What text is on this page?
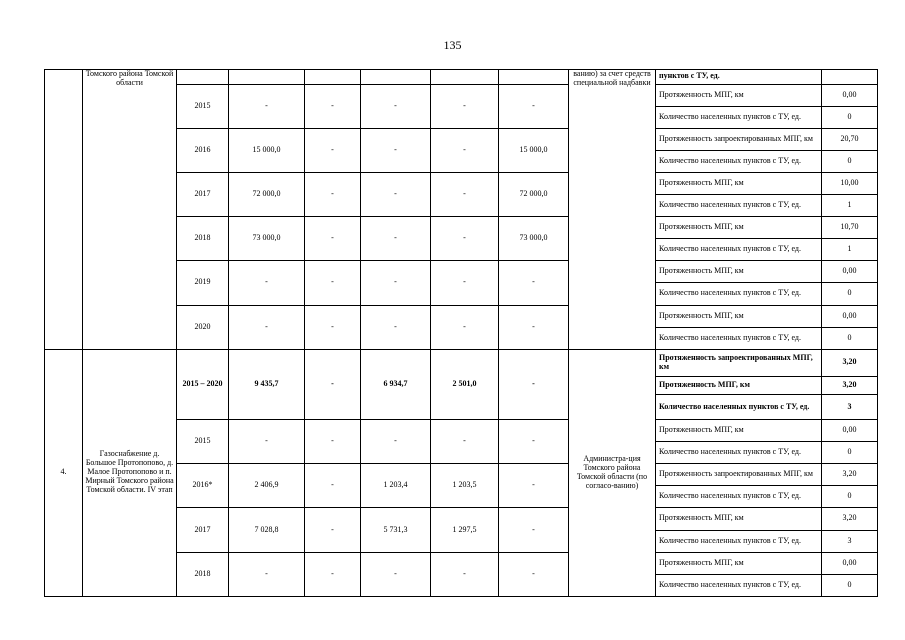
135
	Томского района Томской области							ванию) за счет средств специальной надбавки	пунктов с ТУ, ед.	
		2015	-	-	-	-	-		Протяженность МПГ, км	0,00
									Количество населенных пунктов с ТУ, ед.	0
		2016	15 000,0	-	-	-	15 000,0		Протяженность запроектированных МПГ, км	20,70
									Количество населенных пунктов с ТУ, ед.	0
		2017	72 000,0	-	-	-	72 000,0		Протяженность МПГ, км	10,00
									Количество населенных пунктов с ТУ, ед.	1
		2018	73 000,0	-	-	-	73 000,0		Протяженность МПГ, км	10,70
									Количество населенных пунктов с ТУ, ед.	1
		2019	-	-	-	-	-		Протяженность МПГ, км	0,00
									Количество населенных пунктов с ТУ, ед.	0
		2020	-	-	-	-	-		Протяженность МПГ, км	0,00
									Количество населенных пунктов с ТУ, ед.	0
4.	Газоснабжение д. Большое Протопопово, д. Малое Протопопово и п. Мирный Томского района Томской области. IV этап	2015 – 2020	9 435,7	-	6 934,7	2 501,0	-	Администра-ция Томского района Томской области (по согласо-ванию)	Протяженность запроектированных МПГ, км	3,20
									Протяженность МПГ, км	3,20
									Количество населенных пунктов с ТУ, ед.	3
		2015	-	-	-	-	-		Протяженность МПГ, км	0,00
									Количество населенных пунктов с ТУ, ед.	0
		2016*	2 406,9	-	1 203,4	1 203,5	-		Протяженность запроектированных МПГ, км	3,20
									Количество населенных пунктов с ТУ, ед.	0
		2017	7 028,8	-	5 731,3	1 297,5	-		Протяженность МПГ, км	3,20
									Количество населенных пунктов с ТУ, ед.	3
		2018	-	-	-	-	-		Протяженность МПГ, км	0,00
									Количество населенных пунктов с ТУ, ед.	0
